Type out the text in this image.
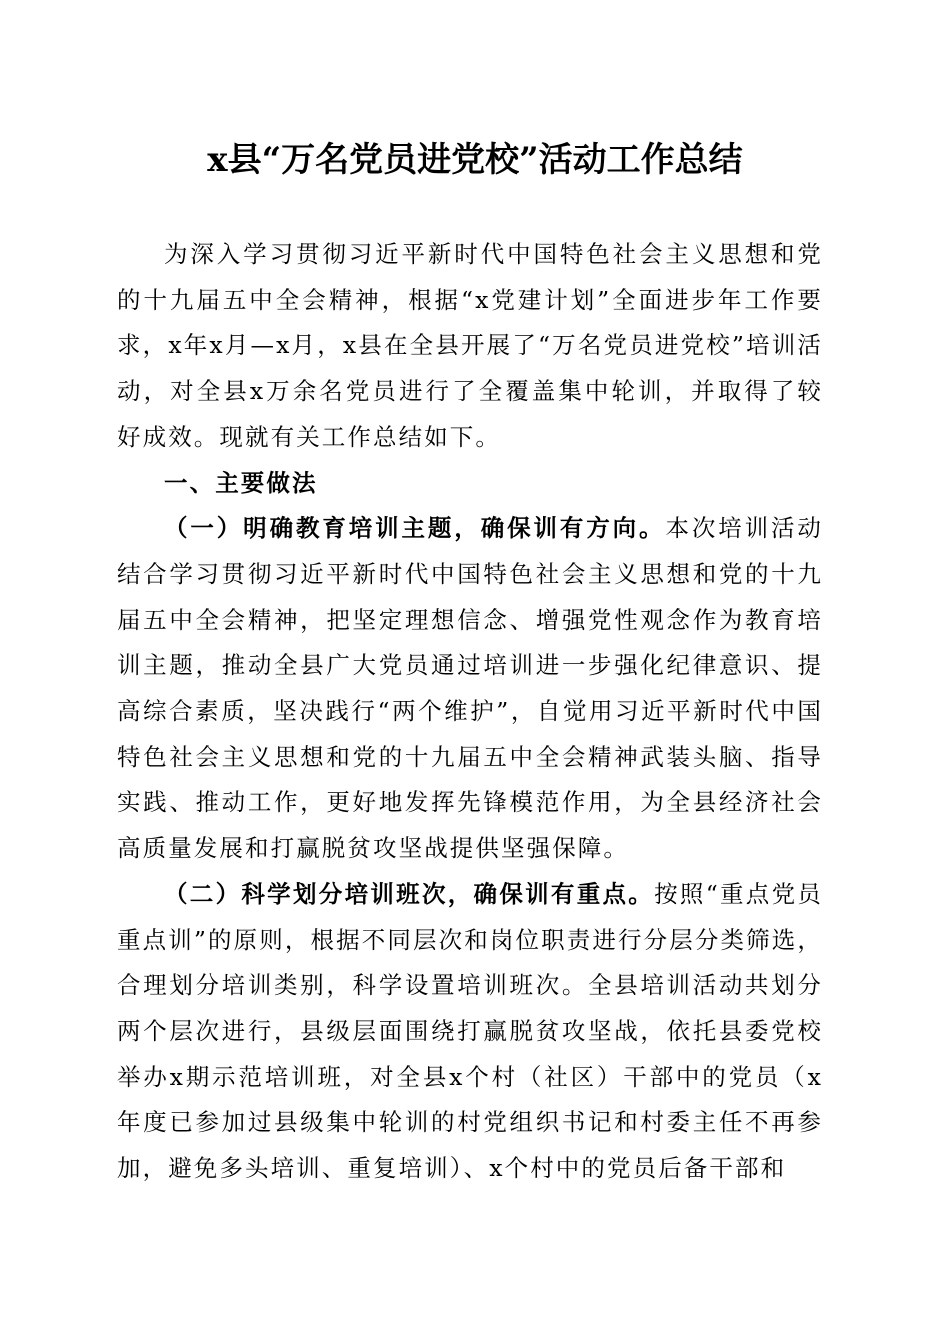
x县“万名党员进党校”活动工作总结

为深入学习贯彻习近平新时代中国特色社会主义思想和党的十九届五中全会精神，根据“x党建计划”全面进步年工作要求，x年x月—x月，x县在全县开展了“万名党员进党校”培训活动，对全县x万余名党员进行了全覆盖集中轮训，并取得了较好成效。现就有关工作总结如下。

一、主要做法

（一）明确教育培训主题，确保训有方向。本次培训活动结合学习贯彻习近平新时代中国特色社会主义思想和党的十九届五中全会精神，把坚定理想信念、增强党性观念作为教育培训主题，推动全县广大党员通过培训进一步强化纪律意识、提高综合素质，坚决践行“两个维护”，自觉用习近平新时代中国特色社会主义思想和党的十九届五中全会精神武装头脑、指导实践、推动工作，更好地发挥先锋模范作用，为全县经济社会高质量发展和打赢脱贫攻坚战提供坚强保障。

（二）科学划分培训班次，确保训有重点。按照“重点党员重点训”的原则，根据不同层次和岗位职责进行分层分类筛选，合理划分培训类别，科学设置培训班次。全县培训活动共划分两个层次进行，县级层面围绕打赢脱贫攻坚战，依托县委党校举办x期示范培训班，对全县x个村（社区）干部中的党员（x年度已参加过县级集中轮训的村党组织书记和村委主任不再参加，避免多头培训、重复培训）、x个村中的党员后备干部和
